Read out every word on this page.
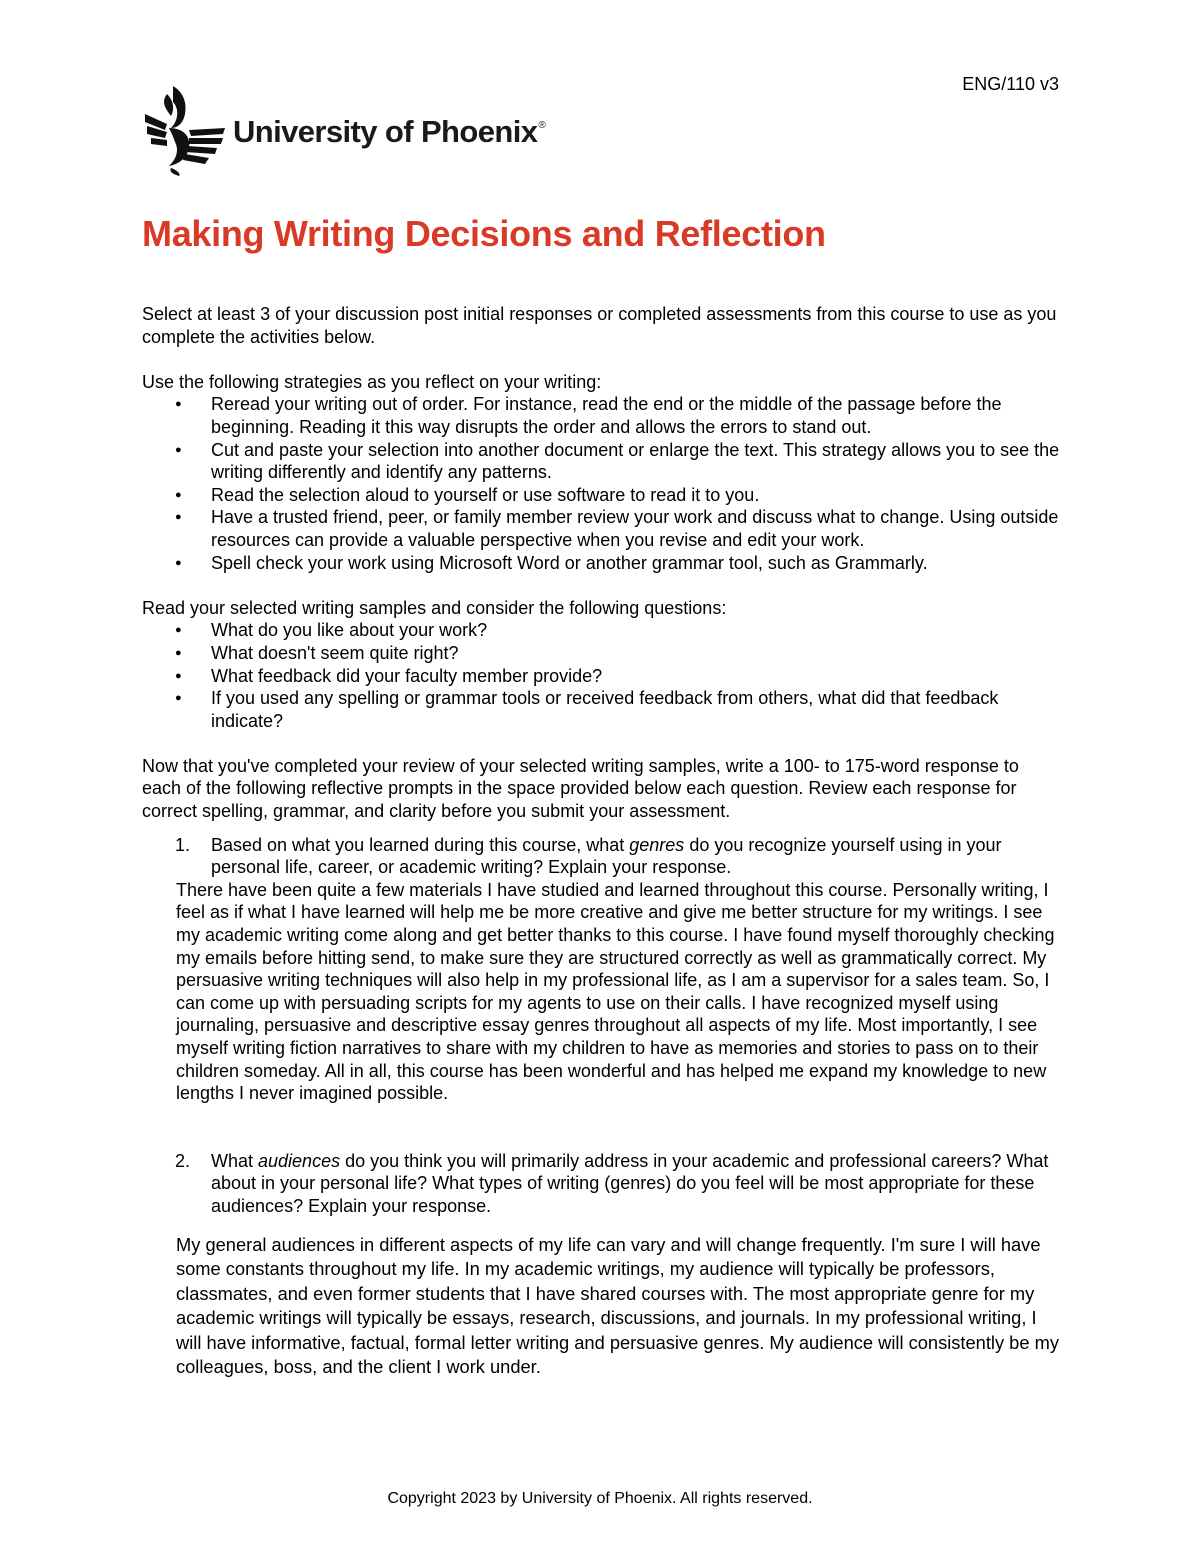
ENG/110 v3
University of Phoenix®
Making Writing Decisions and Reflection

Select at least 3 of your discussion post initial responses or completed assessments from this course to use as you complete the activities below.

Use the following strategies as you reflect on your writing:

● Reread your writing out of order. For instance, read the end or the middle of the passage before the beginning. Reading it this way disrupts the order and allows the errors to stand out.
● Cut and paste your selection into another document or enlarge the text. This strategy allows you to see the writing differently and identify any patterns.
● Read the selection aloud to yourself or use software to read it to you.
● Have a trusted friend, peer, or family member review your work and discuss what to change. Using outside resources can provide a valuable perspective when you revise and edit your work.
● Spell check your work using Microsoft Word or another grammar tool, such as Grammarly.

Read your selected writing samples and consider the following questions:

● What do you like about your work?
● What doesn't seem quite right?
● What feedback did your faculty member provide?
● If you used any spelling or grammar tools or received feedback from others, what did that feedback indicate?

Now that you've completed your review of your selected writing samples, write a 100- to 175-word response to each of the following reflective prompts in the space provided below each question. Review each response for correct spelling, grammar, and clarity before you submit your assessment.

1. Based on what you learned during this course, what genres do you recognize yourself using in your personal life, career, or academic writing? Explain your response.

There have been quite a few materials I have studied and learned throughout this course. Personally writing, I feel as if what I have learned will help me be more creative and give me better structure for my writings. I see my academic writing come along and get better thanks to this course. I have found myself thoroughly checking my emails before hitting send, to make sure they are structured correctly as well as grammatically correct. My persuasive writing techniques will also help in my professional life, as I am a supervisor for a sales team. So, I can come up with persuading scripts for my agents to use on their calls. I have recognized myself using journaling, persuasive and descriptive essay genres throughout all aspects of my life. Most importantly, I see myself writing fiction narratives to share with my children to have as memories and stories to pass on to their children someday. All in all, this course has been wonderful and has helped me expand my knowledge to new lengths I never imagined possible.

2. What audiences do you think you will primarily address in your academic and professional careers? What about in your personal life? What types of writing (genres) do you feel will be most appropriate for these audiences? Explain your response.

My general audiences in different aspects of my life can vary and will change frequently. I'm sure I will have some constants throughout my life. In my academic writings, my audience will typically be professors, classmates, and even former students that I have shared courses with. The most appropriate genre for my academic writings will typically be essays, research, discussions, and journals. In my professional writing, I will have informative, factual, formal letter writing and persuasive genres. My audience will consistently be my colleagues, boss, and the client I work under.

Copyright 2023 by University of Phoenix. All rights reserved.
